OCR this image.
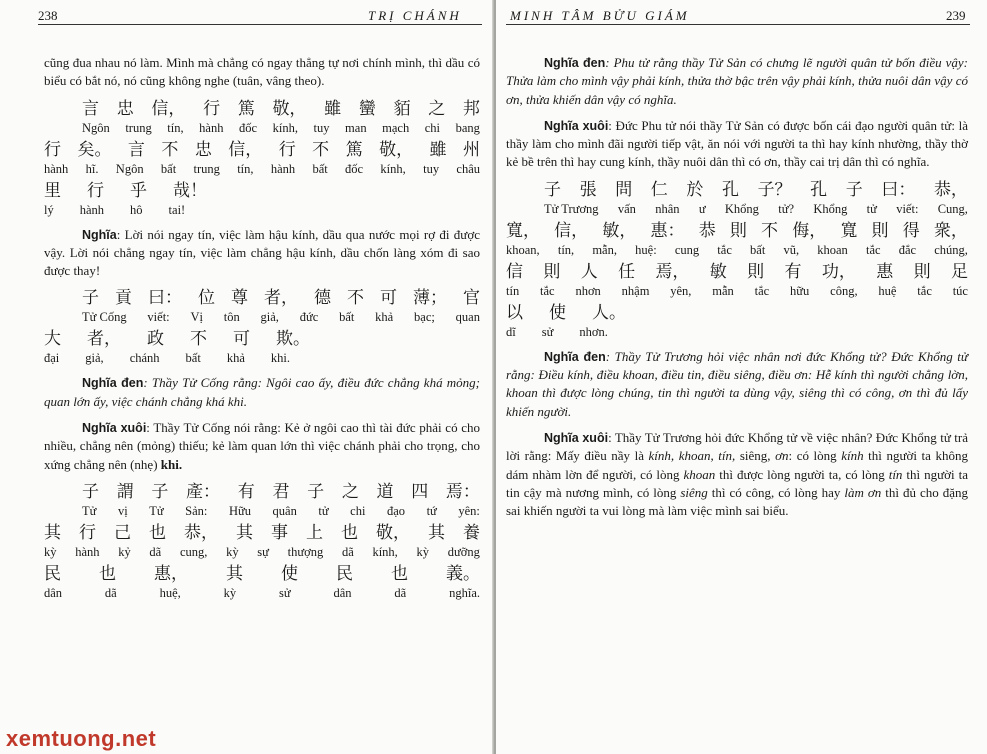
238	TRỊ CHÁNH

cũng đua nhau nó làm. Mình mà chẳng có ngay thẳng tự nơi chính mình, thì dầu có biểu có bắt nó, nó cũng không nghe (tuân, vâng theo).

言 忠 信， 行 篤 敬， 雖 蠻 貊 之 邦
Ngôn trung tín, hành đốc kính, tuy man mạch chi bang
行 矣。 言 不 忠 信， 行 不 篤 敬， 雖 州
hành hĩ. Ngôn bất trung tín, hành bất đốc kính, tuy châu
里 行 乎 哉！
lý hành hô tai!

Nghĩa: Lời nói ngay tín, việc làm hậu kính, dầu qua nước mọi rợ đi được vậy. Lời nói chẳng ngay tín, việc làm chẳng hậu kính, dầu chốn làng xóm đi sao được thay!

子 貢 曰： 位 尊 者， 德 不 可 薄； 官
Tử Cống viết: Vị tôn giả, đức bất khả bạc; quan
大 者， 政 不 可 欺。
đại giả, chánh bất khả khi.

Nghĩa đen: Thầy Tử Cống rằng: Ngôi cao ấy, điều đức chẳng khá mỏng; quan lớn ấy, việc chánh chẳng khá khi.

Nghĩa xuôi: Thầy Tử Cống nói rằng: Kẻ ở ngôi cao thì tài đức phải có cho nhiều, chẳng nên (mỏng) thiếu; kẻ làm quan lớn thì việc chánh phải cho trọng, cho xứng chẳng nên (nhẹ) khi.

子 謂 子 產： 有 君 子 之 道 四 焉：
Tử vị Tử Sản: Hữu quân tử chi đạo tứ yên:
其 行 己 也 恭， 其 事 上 也 敬， 其 養
kỳ hành kỷ dã cung, kỳ sự thượng dã kính, kỳ dưỡng
民 也 惠， 其 使 民 也 義。
dân	dã	huệ,	kỳ	sử	dân	dã	nghĩa.
MINH TÂM BỬU GIÁM	239

Nghĩa đen: Phu tử rằng thầy Tử Sản có chưng lẽ người quân tử bốn điều vậy: Thửa làm cho mình vậy phải kính, thửa thờ bậc trên vậy phải kính, thửa nuôi dân vậy có ơn, thửa khiến dân vậy có nghĩa.

Nghĩa xuôi: Đức Phu tử nói thầy Tử Sản có được bốn cái đạo người quân tử: là thầy làm cho mình đãi người tiếp vật, ăn nói với người ta thì hay kính nhường, thầy thờ kẻ bề trên thì hay cung kính, thầy nuôi dân thì có ơn, thầy cai trị dân thì có nghĩa.

子 張 問 仁 於 孔 子？ 孔 子 曰： 恭，
Tử Trương vấn nhân ư Khổng tử? Khổng tử viết: Cung,
寬， 信， 敏， 惠： 恭 則 不 侮， 寬 則 得 衆，
khoan, tín, mẫn, huệ: cung tắc bất vũ, khoan tắc đắc chúng,
信 則 人 任 焉， 敏 則 有 功， 惠 則 足
tín tắc nhơn nhậm yên, mẫn tắc hữu công, huệ tắc túc
以 使 人。
dĩ sử nhơn.

Nghĩa đen: Thầy Tử Trương hỏi việc nhân nơi đức Khổng tử? Đức Khổng tử rằng: Điều kính, điều khoan, điều tin, điều siêng, điều ơn: Hễ kính thì người chẳng lờn, khoan thì được lòng chúng, tin thì người ta dùng vậy, siêng thì có công, ơn thì đủ lấy khiến người.

Nghĩa xuôi: Thầy Tử Trương hỏi đức Khổng tử về việc nhân? Đức Khổng tử trả lời rằng: Mấy điều nầy là kính, khoan, tín, siêng, ơn: có lòng kính thì người ta không dám nhàm lờn để người, có lòng khoan thì được lòng người ta, có lòng tín thì người ta tin cậy mà nương mình, có lòng siêng thì có công, có lòng hay làm ơn thì đủ cho đặng sai khiến người ta vui lòng mà làm việc mình sai biểu.

xemtuong.net
